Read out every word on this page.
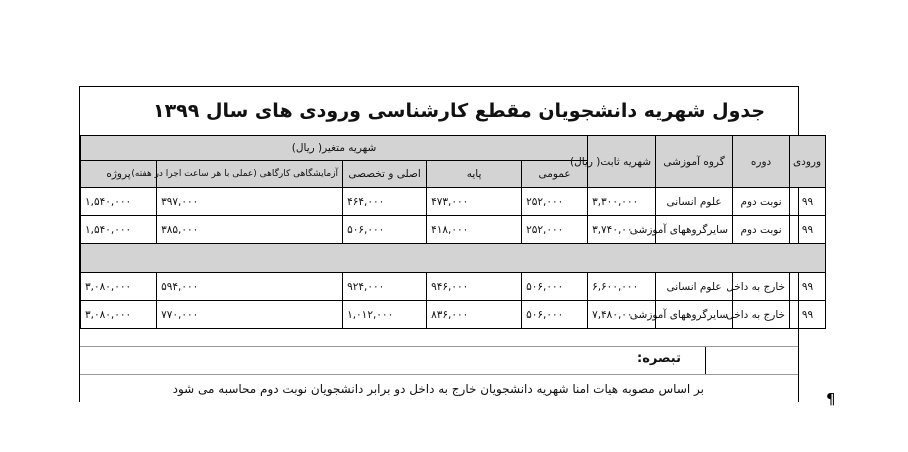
جدول شهریه دانشجویان مقطع کارشناسی ورودی های سال ۱۳۹۹
ورودی	دوره	گروه آموزشی	شهریه ثابت( ریال)	شهریه متغیر( ریال)				
				عمومی	پایه	اصلی و تخصصی	آزمایشگاهی کارگاهی (عملی با هر ساعت اجرا در هفته)	پروژه
۹۹	نوبت دوم	علوم انسانی	۳,۳۰۰,۰۰۰	۲۵۲,۰۰۰	۴۷۳,۰۰۰	۴۶۴,۰۰۰	۳۹۷,۰۰۰	۱,۵۴۰,۰۰۰
۹۹	نوبت دوم	سایرگروههای آموزشی	۳,۷۴۰,۰۰۰	۲۵۲,۰۰۰	۴۱۸,۰۰۰	۵۰۶,۰۰۰	۳۸۵,۰۰۰	۱,۵۴۰,۰۰۰

۹۹	خارج به داخل	علوم انسانی	۶,۶۰۰,۰۰۰	۵۰۶,۰۰۰	۹۴۶,۰۰۰	۹۲۴,۰۰۰	۵۹۴,۰۰۰	۳,۰۸۰,۰۰۰
۹۹	خارج به داخل	سایرگروههای آموزشی	۷,۴۸۰,۰۰۰	۵۰۶,۰۰۰	۸۳۶,۰۰۰	۱,۰۱۲,۰۰۰	۷۷۰,۰۰۰	۳,۰۸۰,۰۰۰
تبصره:
بر اساس مصوبه هیات امنا شهریه دانشجویان خارج به داخل دو برابر دانشجویان نوبت دوم محاسبه می شود
¶
